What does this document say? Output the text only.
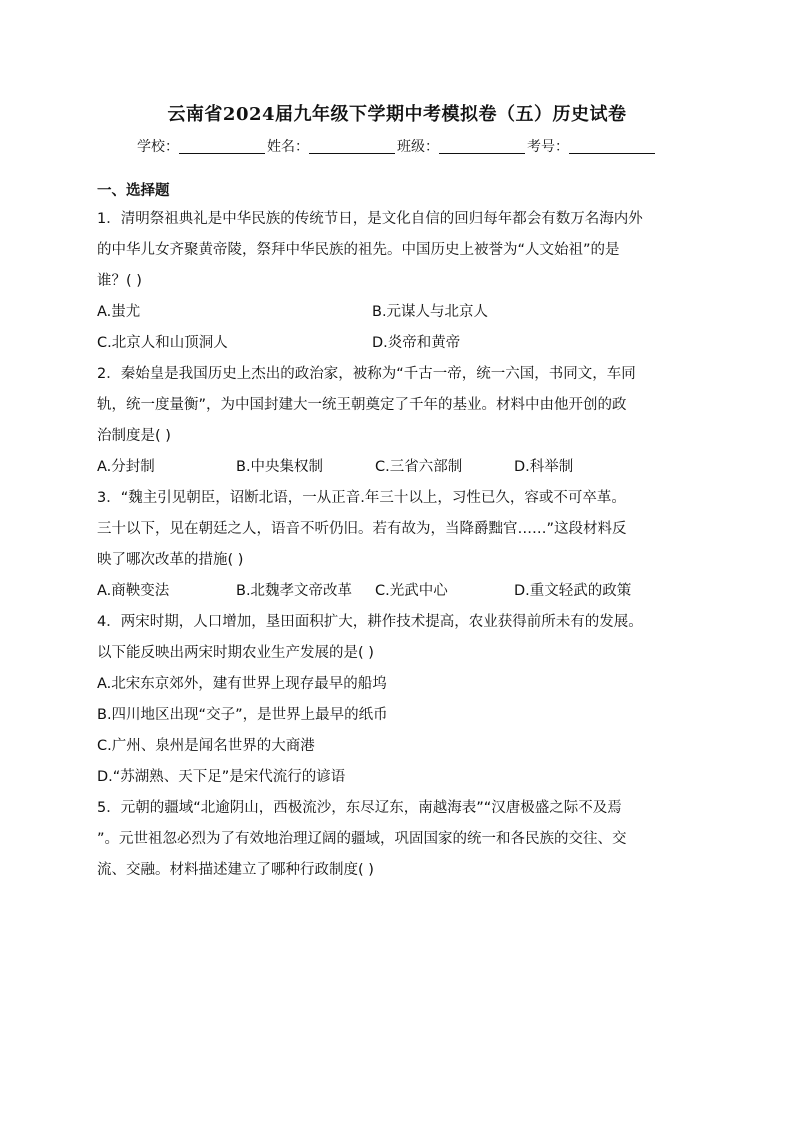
云南省2024届九年级下学期中考模拟卷（五）历史试卷
学校：	姓名：	班级：	考号：
一、选择题

1．清明祭祖典礼是中华民族的传统节日，是文化自信的回归每年都会有数万名海内外

的中华儿女齐聚黄帝陵，祭拜中华民族的祖先。中国历史上被誉为“人文始祖”的是

谁？( )

A.蚩尤	B.元谋人与北京人
C.北京人和山顶洞人	D.炎帝和黄帝

2．秦始皇是我国历史上杰出的政治家，被称为“千古一帝，统一六国，书同文，车同

轨，统一度量衡”，为中国封建大一统王朝奠定了千年的基业。材料中由他开创的政

治制度是( )

A.分封制	B.中央集权制	C.三省六部制	D.科举制

3．“魏主引见朝臣，诏断北语，一从正音.年三十以上，习性已久，容或不可卒革。

三十以下，见在朝廷之人，语音不听仍旧。若有故为，当降爵黜官……”这段材料反

映了哪次改革的措施( )

A.商鞅变法	B.北魏孝文帝改革	C.光武中心	D.重文轻武的政策

4．两宋时期，人口增加，垦田面积扩大，耕作技术提高，农业获得前所未有的发展。

以下能反映出两宋时期农业生产发展的是( )

A.北宋东京郊外，建有世界上现存最早的船坞

B.四川地区出现“交子”，是世界上最早的纸币

C.广州、泉州是闻名世界的大商港

D.“苏湖熟、天下足”是宋代流行的谚语

5．元朝的疆域“北逾阴山，西极流沙，东尽辽东，南越海表”“汉唐极盛之际不及焉

”。元世祖忽必烈为了有效地治理辽阔的疆域，巩固国家的统一和各民族的交往、交

流、交融。材料描述建立了哪种行政制度( )
